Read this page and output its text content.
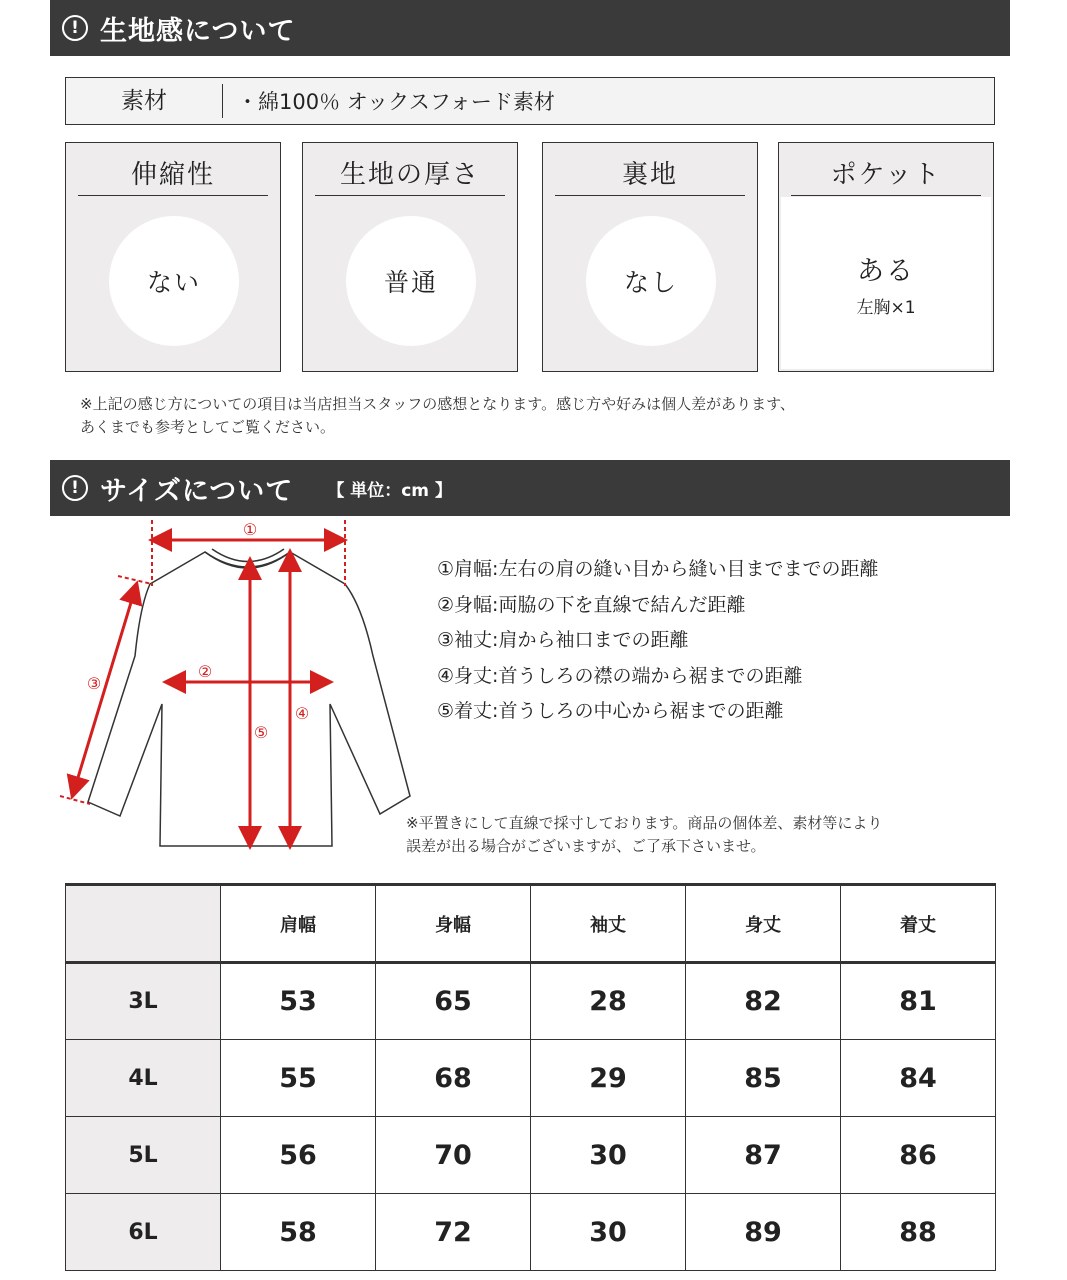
! 生地感について
素材	・綿100％ オックスフォード素材
伸縮性
ない
生地の厚さ
普通
裏地
なし
ポケット
ある
左胸×1
※上記の感じ方についての項目は当店担当スタッフの感想となります。感じ方や好みは個人差があります、
あくまでも参考としてご覧ください。
! サイズについて 【 単位：cm 】
①
②
③
④
⑤
①肩幅:左右の肩の縫い目から縫い目までまでの距離
②身幅:両脇の下を直線で結んだ距離
③袖丈:肩から袖口までの距離
④身丈:首うしろの襟の端から裾までの距離
⑤着丈:首うしろの中心から裾までの距離
※平置きにして直線で採寸しております。商品の個体差、素材等により
誤差が出る場合がございますが、ご了承下さいませ。
	肩幅	身幅	袖丈	身丈	着丈
3L	53	65	28	82	81
4L	55	68	29	85	84
5L	56	70	30	87	86
6L	58	72	30	89	88
